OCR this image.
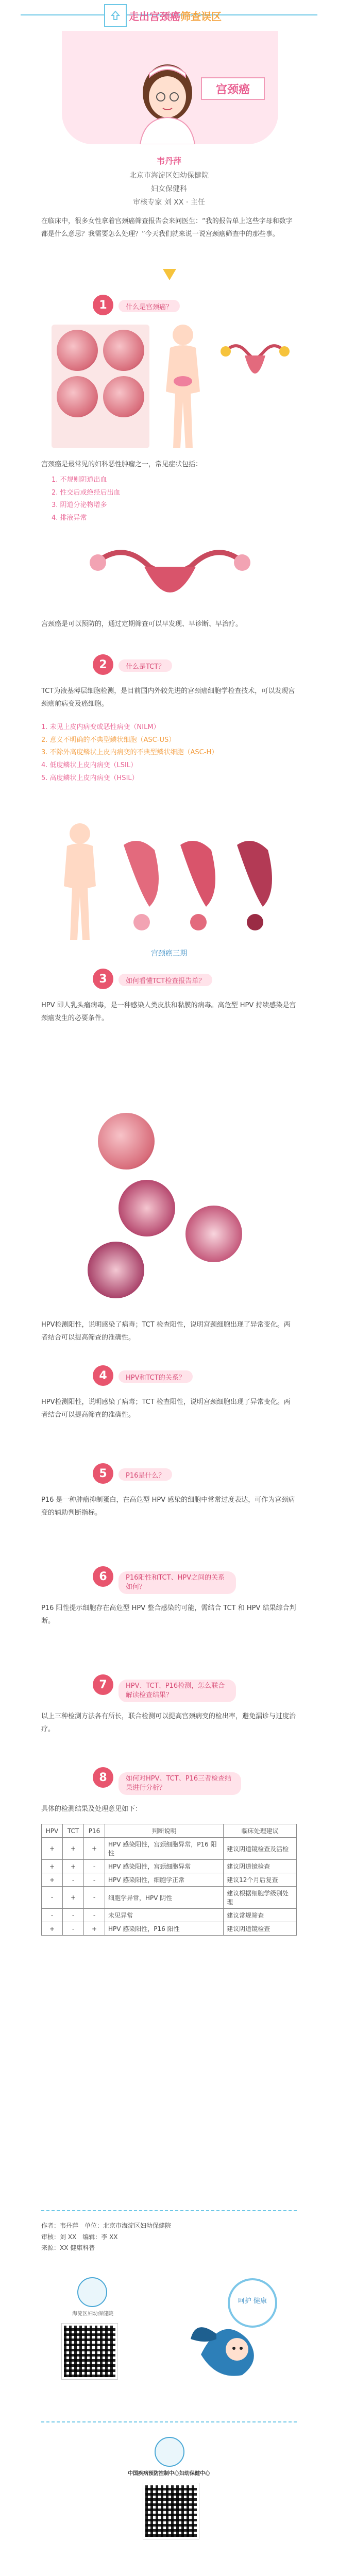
走出宫颈癌筛查误区
宫颈癌
韦丹萍
北京市海淀区妇幼保健院
妇女保健科
审核专家 刘 XX · 主任
在临床中，很多女性拿着宫颈癌筛查报告会来问医生：“我的报告单上这些字母和数字都是什么意思？我需要怎么处理？”今天我们就来说一说宫颈癌筛查中的那些事。
1	什么是宫颈癌？
宫颈癌是最常见的妇科恶性肿瘤之一，常见症状包括：
1. 不规则阴道出血
2. 性交后或绝经后出血
3. 阴道分泌物增多
4. 排液异常
宫颈癌是可以预防的，通过定期筛查可以早发现、早诊断、早治疗。
2	什么是TCT？
TCT为液基薄层细胞检测，是目前国内外较先进的宫颈癌细胞学检查技术，可以发现宫颈癌前病变及癌细胞。
1. 未见上皮内病变或恶性病变（NILM）
2. 意义不明确的不典型鳞状细胞（ASC-US）
3. 不除外高度鳞状上皮内病变的不典型鳞状细胞（ASC-H）
4. 低度鳞状上皮内病变（LSIL）
5. 高度鳞状上皮内病变（HSIL）
宫颈癌三期
3	如何看懂TCT检查报告单？
HPV 即人乳头瘤病毒，是一种感染人类皮肤和黏膜的病毒。高危型 HPV 持续感染是宫颈癌发生的必要条件。
HPV检测阳性，说明感染了病毒；TCT 检查阳性，说明宫颈细胞出现了异常变化。两者结合可以提高筛查的准确性。
4	HPV和TCT的关系？
HPV检测阳性，说明感染了病毒；TCT 检查阳性，说明宫颈细胞出现了异常变化。两者结合可以提高筛查的准确性。
5	P16是什么？
P16 是一种肿瘤抑制蛋白，在高危型 HPV 感染的细胞中常常过度表达，可作为宫颈病变的辅助判断指标。
6	P16阳性和TCT、HPV之间的关系如何？
P16 阳性提示细胞存在高危型 HPV 整合感染的可能，需结合 TCT 和 HPV 结果综合判断。
7	HPV、TCT、P16检测，怎么联合解读检查结果？
以上三种检测方法各有所长，联合检测可以提高宫颈病变的检出率，避免漏诊与过度治疗。
8	如何对HPV、TCT、P16三者检查结果进行分析？
具体的检测结果及处理意见如下：
HPV	TCT	P16	判断说明	临床处理建议
+	+	+	HPV 感染阳性，宫颈细胞异常，P16 阳性	建议阴道镜检查及活检
+	+	-	HPV 感染阳性，宫颈细胞异常	建议阴道镜检查
+	-	-	HPV 感染阳性，细胞学正常	建议12个月后复查
-	+	-	细胞学异常，HPV 阴性	建议根据细胞学级别处理
-	-	-	未见异常	建议常规筛查
+	-	+	HPV 感染阳性，P16 阳性	建议阴道镜检查
作者：韦丹萍　单位：北京市海淀区妇幼保健院
审核：刘 XX　编辑：李 XX
来源：XX 健康科普
海淀区妇幼保健院
呵护 健康
中国疾病预防控制中心妇幼保健中心
